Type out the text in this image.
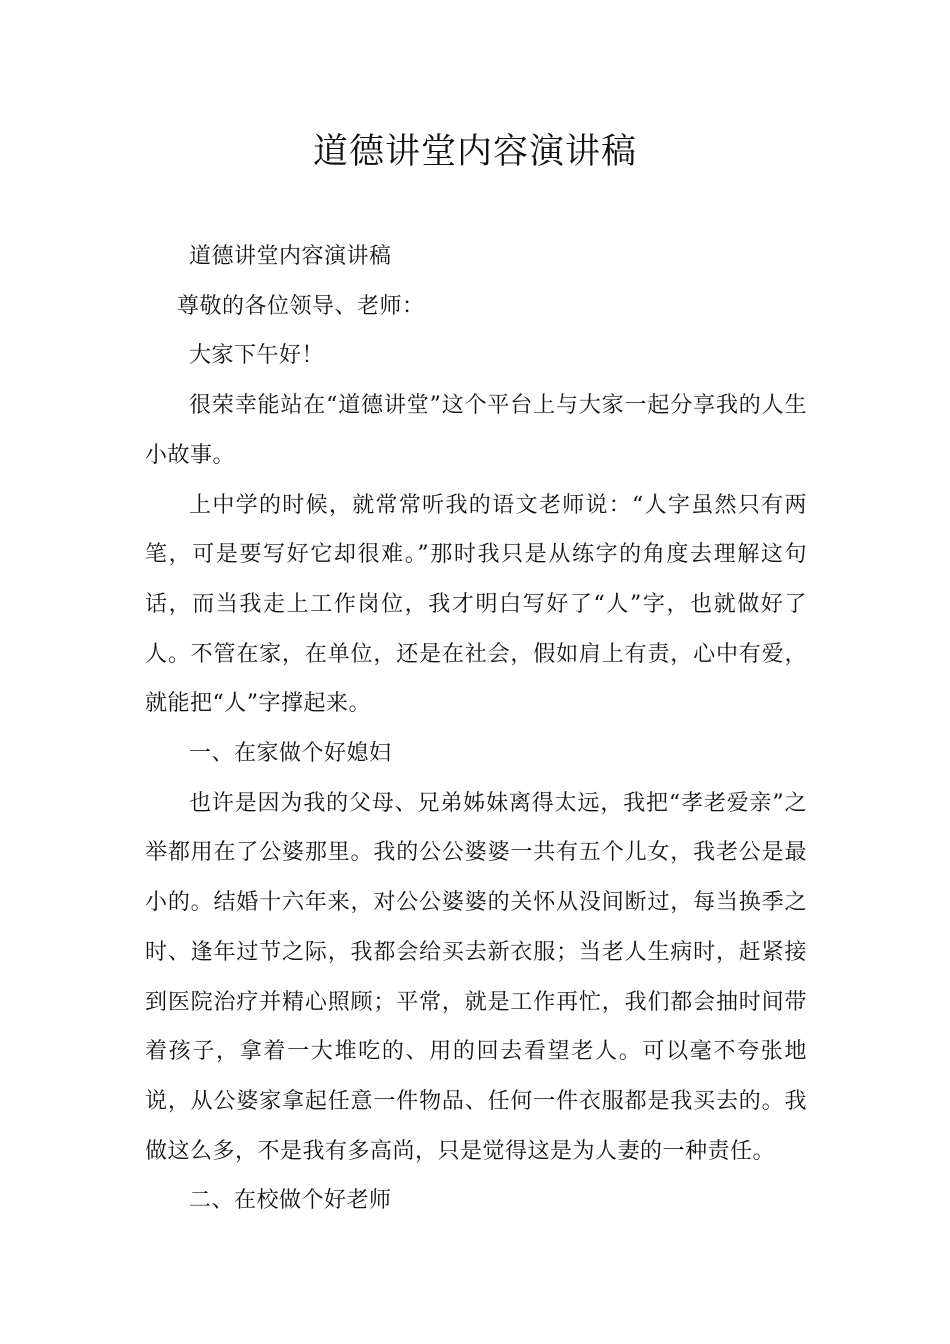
道德讲堂内容演讲稿

道德讲堂内容演讲稿

尊敬的各位领导、老师：

大家下午好！

很荣幸能站在“道德讲堂”这个平台上与大家一起分享我的人生小故事。

上中学的时候，就常常听我的语文老师说：“人字虽然只有两笔，可是要写好它却很难。”那时我只是从练字的角度去理解这句话，而当我走上工作岗位，我才明白写好了“人”字，也就做好了人。不管在家，在单位，还是在社会，假如肩上有责，心中有爱，就能把“人”字撑起来。

一、在家做个好媳妇

也许是因为我的父母、兄弟姊妹离得太远，我把“孝老爱亲”之举都用在了公婆那里。我的公公婆婆一共有五个儿女，我老公是最小的。结婚十六年来，对公公婆婆的关怀从没间断过，每当换季之时、逢年过节之际，我都会给买去新衣服；当老人生病时，赶紧接到医院治疗并精心照顾；平常，就是工作再忙，我们都会抽时间带着孩子，拿着一大堆吃的、用的回去看望老人。可以毫不夸张地说，从公婆家拿起任意一件物品、任何一件衣服都是我买去的。我做这么多，不是我有多高尚，只是觉得这是为人妻的一种责任。

二、在校做个好老师
